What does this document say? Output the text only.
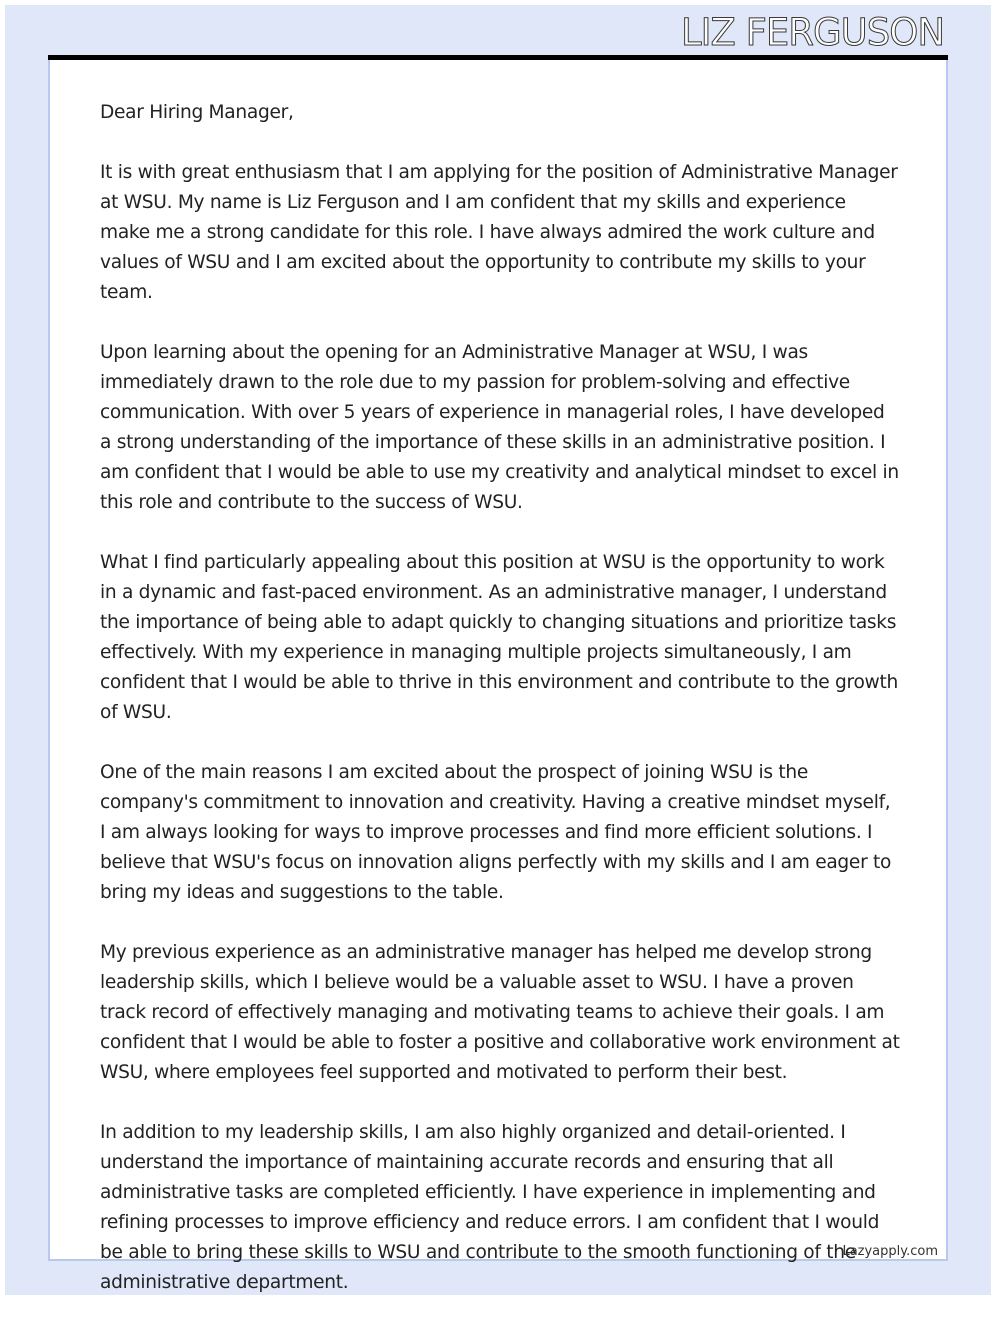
LIZ FERGUSON

Dear Hiring Manager,

It is with great enthusiasm that I am applying for the position of Administrative Manager at WSU. My name is Liz Ferguson and I am confident that my skills and experience make me a strong candidate for this role. I have always admired the work culture and values of WSU and I am excited about the opportunity to contribute my skills to your team.

Upon learning about the opening for an Administrative Manager at WSU, I was immediately drawn to the role due to my passion for problem-solving and effective communication. With over 5 years of experience in managerial roles, I have developed a strong understanding of the importance of these skills in an administrative position. I am confident that I would be able to use my creativity and analytical mindset to excel in this role and contribute to the success of WSU.

What I find particularly appealing about this position at WSU is the opportunity to work in a dynamic and fast-paced environment. As an administrative manager, I understand the importance of being able to adapt quickly to changing situations and prioritize tasks effectively. With my experience in managing multiple projects simultaneously, I am confident that I would be able to thrive in this environment and contribute to the growth of WSU.

One of the main reasons I am excited about the prospect of joining WSU is the company's commitment to innovation and creativity. Having a creative mindset myself, I am always looking for ways to improve processes and find more efficient solutions. I believe that WSU's focus on innovation aligns perfectly with my skills and I am eager to bring my ideas and suggestions to the table.

My previous experience as an administrative manager has helped me develop strong leadership skills, which I believe would be a valuable asset to WSU. I have a proven track record of effectively managing and motivating teams to achieve their goals. I am confident that I would be able to foster a positive and collaborative work environment at WSU, where employees feel supported and motivated to perform their best.

In addition to my leadership skills, I am also highly organized and detail-oriented. I understand the importance of maintaining accurate records and ensuring that all administrative tasks are completed efficiently. I have experience in implementing and refining processes to improve efficiency and reduce errors. I am confident that I would be able to bring these skills to WSU and contribute to the smooth functioning of the administrative department.

Lazyapply.com
